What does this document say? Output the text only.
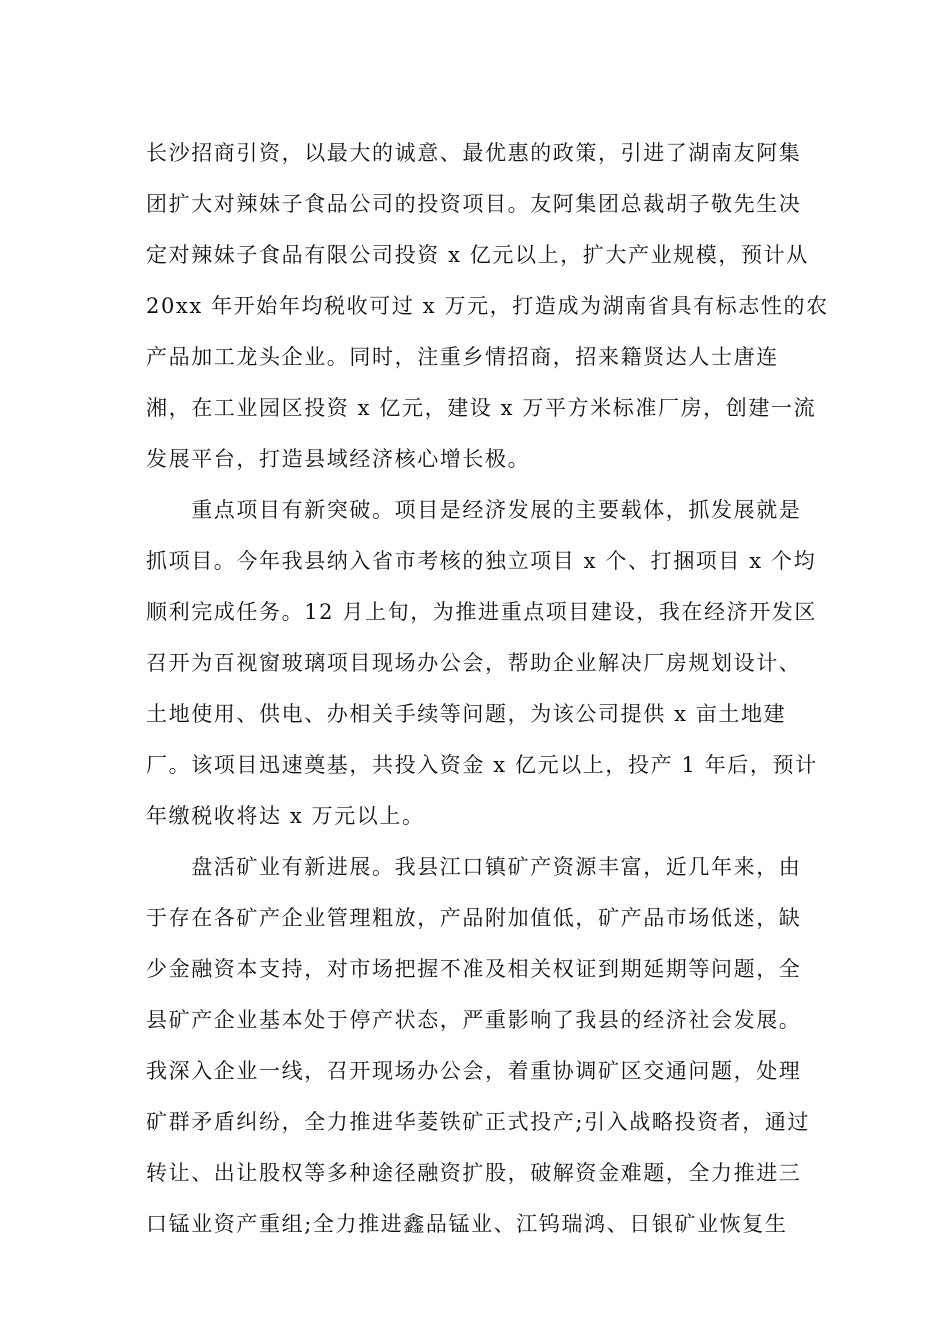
长沙招商引资，以最大的诚意、最优惠的政策，引进了湖南友阿集
团扩大对辣妹子食品公司的投资项目。友阿集团总裁胡子敬先生决
定对辣妹子食品有限公司投资 x 亿元以上，扩大产业规模，预计从
20xx 年开始年均税收可过 x 万元，打造成为湖南省具有标志性的农
产品加工龙头企业。同时，注重乡情招商，招来籍贤达人士唐连
湘，在工业园区投资 x 亿元，建设 x 万平方米标准厂房，创建一流
发展平台，打造县域经济核心增长极。
　　重点项目有新突破。项目是经济发展的主要载体，抓发展就是
抓项目。今年我县纳入省市考核的独立项目 x 个、打捆项目 x 个均
顺利完成任务。12 月上旬，为推进重点项目建设，我在经济开发区
召开为百视窗玻璃项目现场办公会，帮助企业解决厂房规划设计、
土地使用、供电、办相关手续等问题，为该公司提供 x 亩土地建
厂。该项目迅速奠基，共投入资金 x 亿元以上，投产 1 年后，预计
年缴税收将达 x 万元以上。
　　盘活矿业有新进展。我县江口镇矿产资源丰富，近几年来，由
于存在各矿产企业管理粗放，产品附加值低，矿产品市场低迷，缺
少金融资本支持，对市场把握不准及相关权证到期延期等问题，全
县矿产企业基本处于停产状态，严重影响了我县的经济社会发展。
我深入企业一线，召开现场办公会，着重协调矿区交通问题，处理
矿群矛盾纠纷，全力推进华菱铁矿正式投产;引入战略投资者，通过
转让、出让股权等多种途径融资扩股，破解资金难题，全力推进三
口锰业资产重组;全力推进鑫品锰业、江钨瑞鸿、日银矿业恢复生
